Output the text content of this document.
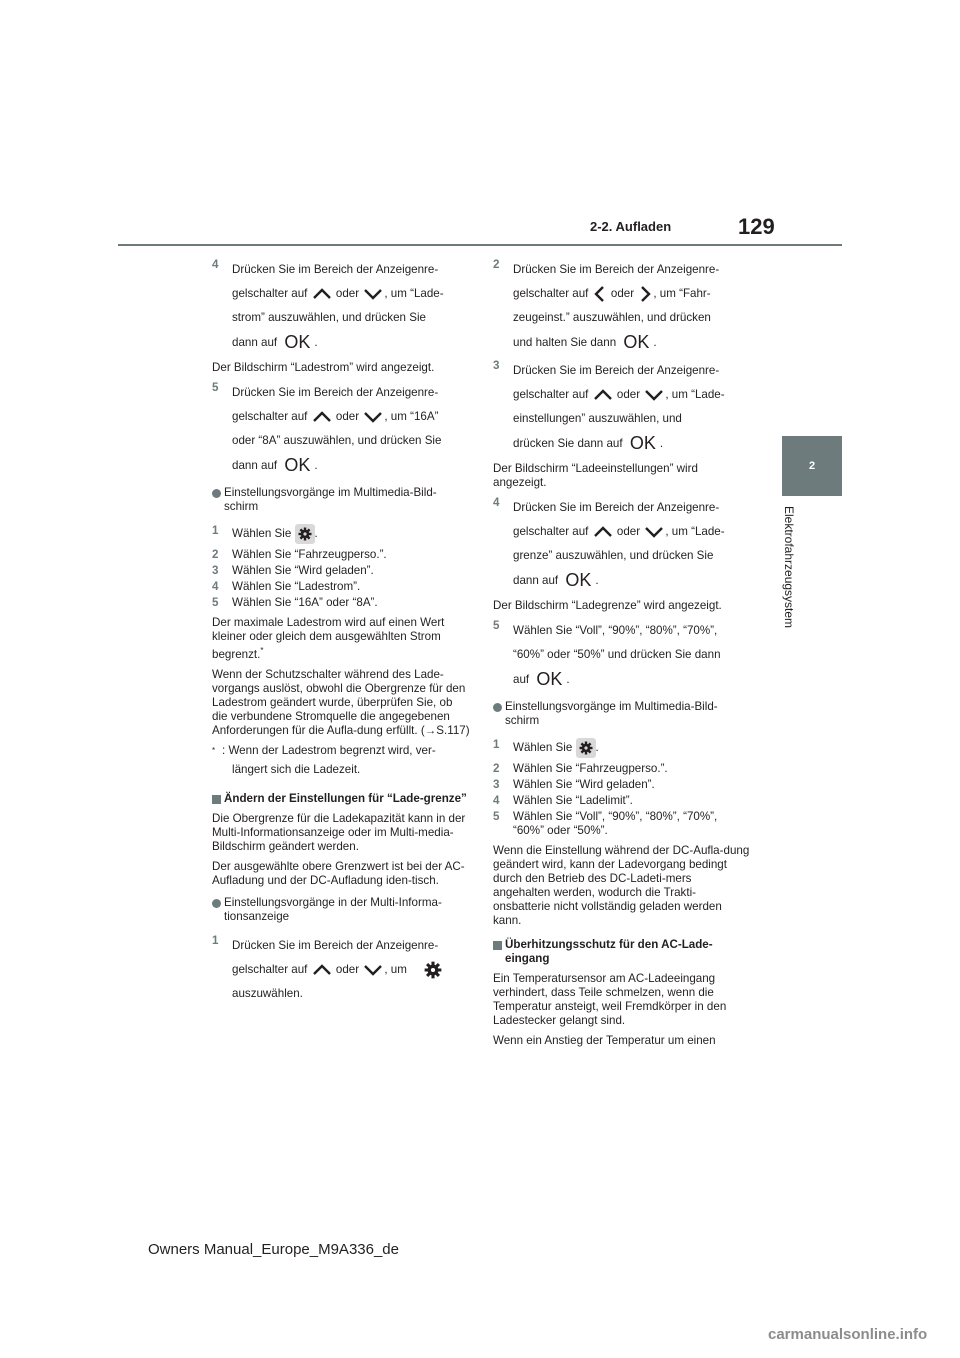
2-2. Aufladen	129
2
Elektrofahrzeugsystem
4 Drücken Sie im Bereich der Anzeigenre-
gelschalter auf oder , um “Lade-
strom” auszuwählen, und drücken Sie
dann auf OK .

Der Bildschirm “Ladestrom” wird angezeigt.

5 Drücken Sie im Bereich der Anzeigenre-
gelschalter auf oder , um “16A”
oder “8A” auszuwählen, und drücken Sie
dann auf OK .
Einstellungsvorgänge im Multimedia-Bild-schirm
1 Wählen Sie .
2 Wählen Sie “Fahrzeugperso.”.
3 Wählen Sie “Wird geladen”.
4 Wählen Sie “Ladestrom”.
5 Wählen Sie “16A” oder “8A”.

Der maximale Ladestrom wird auf einen Wert kleiner oder gleich dem ausgewählten Strom begrenzt.*

Wenn der Schutzschalter während des Lade-vorgangs auslöst, obwohl die Obergrenze für den Ladestrom geändert wurde, überprüfen Sie, ob die verbundene Stromquelle die angegebenen Anforderungen für die Aufla-dung erfüllt. (→S.117)

* : Wenn der Ladestrom begrenzt wird, ver-

längert sich die Ladezeit.
Ändern der Einstellungen für “Lade-grenze”

Die Obergrenze für die Ladekapazität kann in der Multi-Informationsanzeige oder im Multi-media-Bildschirm geändert werden.

Der ausgewählte obere Grenzwert ist bei der AC-Aufladung und der DC-Aufladung iden-tisch.

Einstellungsvorgänge in der Multi-Informa-tionsanzeige
1 Drücken Sie im Bereich der Anzeigenre-
gelschalter auf oder , um
auszuwählen.
2 Drücken Sie im Bereich der Anzeigenre-
gelschalter auf oder , um “Fahr-
zeugeinst.” auszuwählen, und drücken
und halten Sie dann OK .
3 Drücken Sie im Bereich der Anzeigenre-
gelschalter auf oder , um “Lade-
einstellungen” auszuwählen, und
drücken Sie dann auf OK .

Der Bildschirm “Ladeeinstellungen” wird angezeigt.

4 Drücken Sie im Bereich der Anzeigenre-
gelschalter auf oder , um “Lade-
grenze” auszuwählen, und drücken Sie
dann auf OK .

Der Bildschirm “Ladegrenze” wird angezeigt.

5 Wählen Sie “Voll”, “90%”, “80%”, “70%”,
“60%” oder “50%” und drücken Sie dann
auf OK .
Einstellungsvorgänge im Multimedia-Bild-schirm
1 Wählen Sie .
2 Wählen Sie “Fahrzeugperso.”.
3 Wählen Sie “Wird geladen”.
4 Wählen Sie “Ladelimit”.
5 Wählen Sie “Voll”, “90%”, “80%”, “70%”, “60%” oder “50%”.

Wenn die Einstellung während der DC-Aufla-dung geändert wird, kann der Ladevorgang bedingt durch den Betrieb des DC-Ladeti-mers angehalten werden, wodurch die Trakti-onsbatterie nicht vollständig geladen werden kann.

Überhitzungsschutz für den AC-Lade-eingang

Ein Temperatursensor am AC-Ladeeingang verhindert, dass Teile schmelzen, wenn die Temperatur ansteigt, weil Fremdkörper in den Ladestecker gelangt sind.

Wenn ein Anstieg der Temperatur um einen

Owners Manual_Europe_M9A336_de
carmanualsonline.info
